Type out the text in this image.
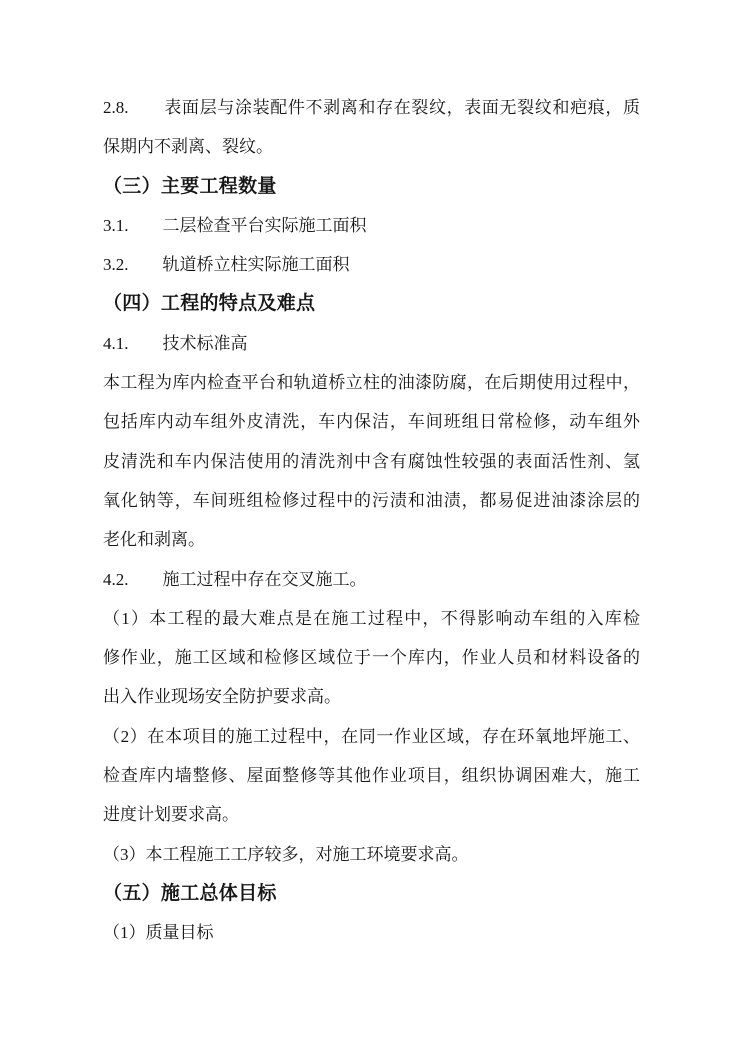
2.8.　　表面层与涂装配件不剥离和存在裂纹，表面无裂纹和疤痕，质
保期内不剥离、裂纹。
（三）主要工程数量
3.1.　　二层检查平台实际施工面积
3.2.　　轨道桥立柱实际施工面积
（四）工程的特点及难点
4.1.　　技术标准高
本工程为库内检查平台和轨道桥立柱的油漆防腐，在后期使用过程中，
包括库内动车组外皮清洗，车内保洁，车间班组日常检修，动车组外
皮清洗和车内保洁使用的清洗剂中含有腐蚀性较强的表面活性剂、氢
氧化钠等，车间班组检修过程中的污渍和油渍，都易促进油漆涂层的
老化和剥离。
4.2.　　施工过程中存在交叉施工。
（1）本工程的最大难点是在施工过程中，不得影响动车组的入库检
修作业，施工区域和检修区域位于一个库内，作业人员和材料设备的
出入作业现场安全防护要求高。
（2）在本项目的施工过程中，在同一作业区域，存在环氧地坪施工、
检查库内墙整修、屋面整修等其他作业项目，组织协调困难大，施工
进度计划要求高。
（3）本工程施工工序较多，对施工环境要求高。
（五）施工总体目标
（1）质量目标
